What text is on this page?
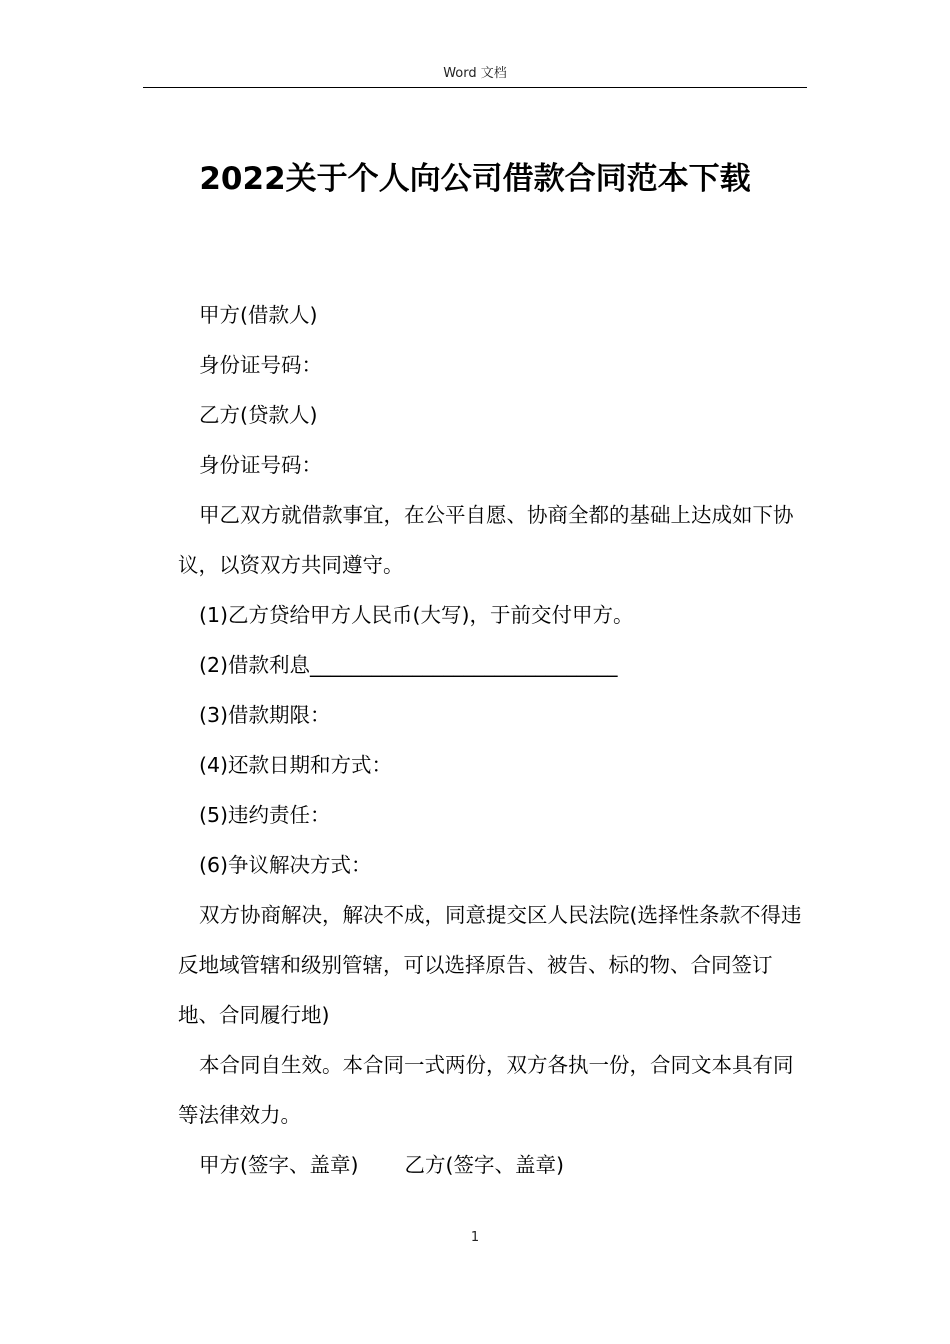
Word 文档
2022关于个人向公司借款合同范本下载

甲方(借款人)

身份证号码：

乙方(贷款人)

身份证号码：

甲乙双方就借款事宜，在公平自愿、协商全都的基础上达成如下协议，以资双方共同遵守。

(1)乙方贷给甲方人民币(大写)，于前交付甲方。

(2)借款利息______________________________

(3)借款期限：

(4)还款日期和方式：

(5)违约责任：

(6)争议解决方式：

双方协商解决，解决不成，同意提交区人民法院(选择性条款不得违反地域管辖和级别管辖，可以选择原告、被告、标的物、合同签订地、合同履行地)

本合同自生效。本合同一式两份，双方各执一份，合同文本具有同等法律效力。

甲方(签字、盖章) 乙方(签字、盖章)

1
